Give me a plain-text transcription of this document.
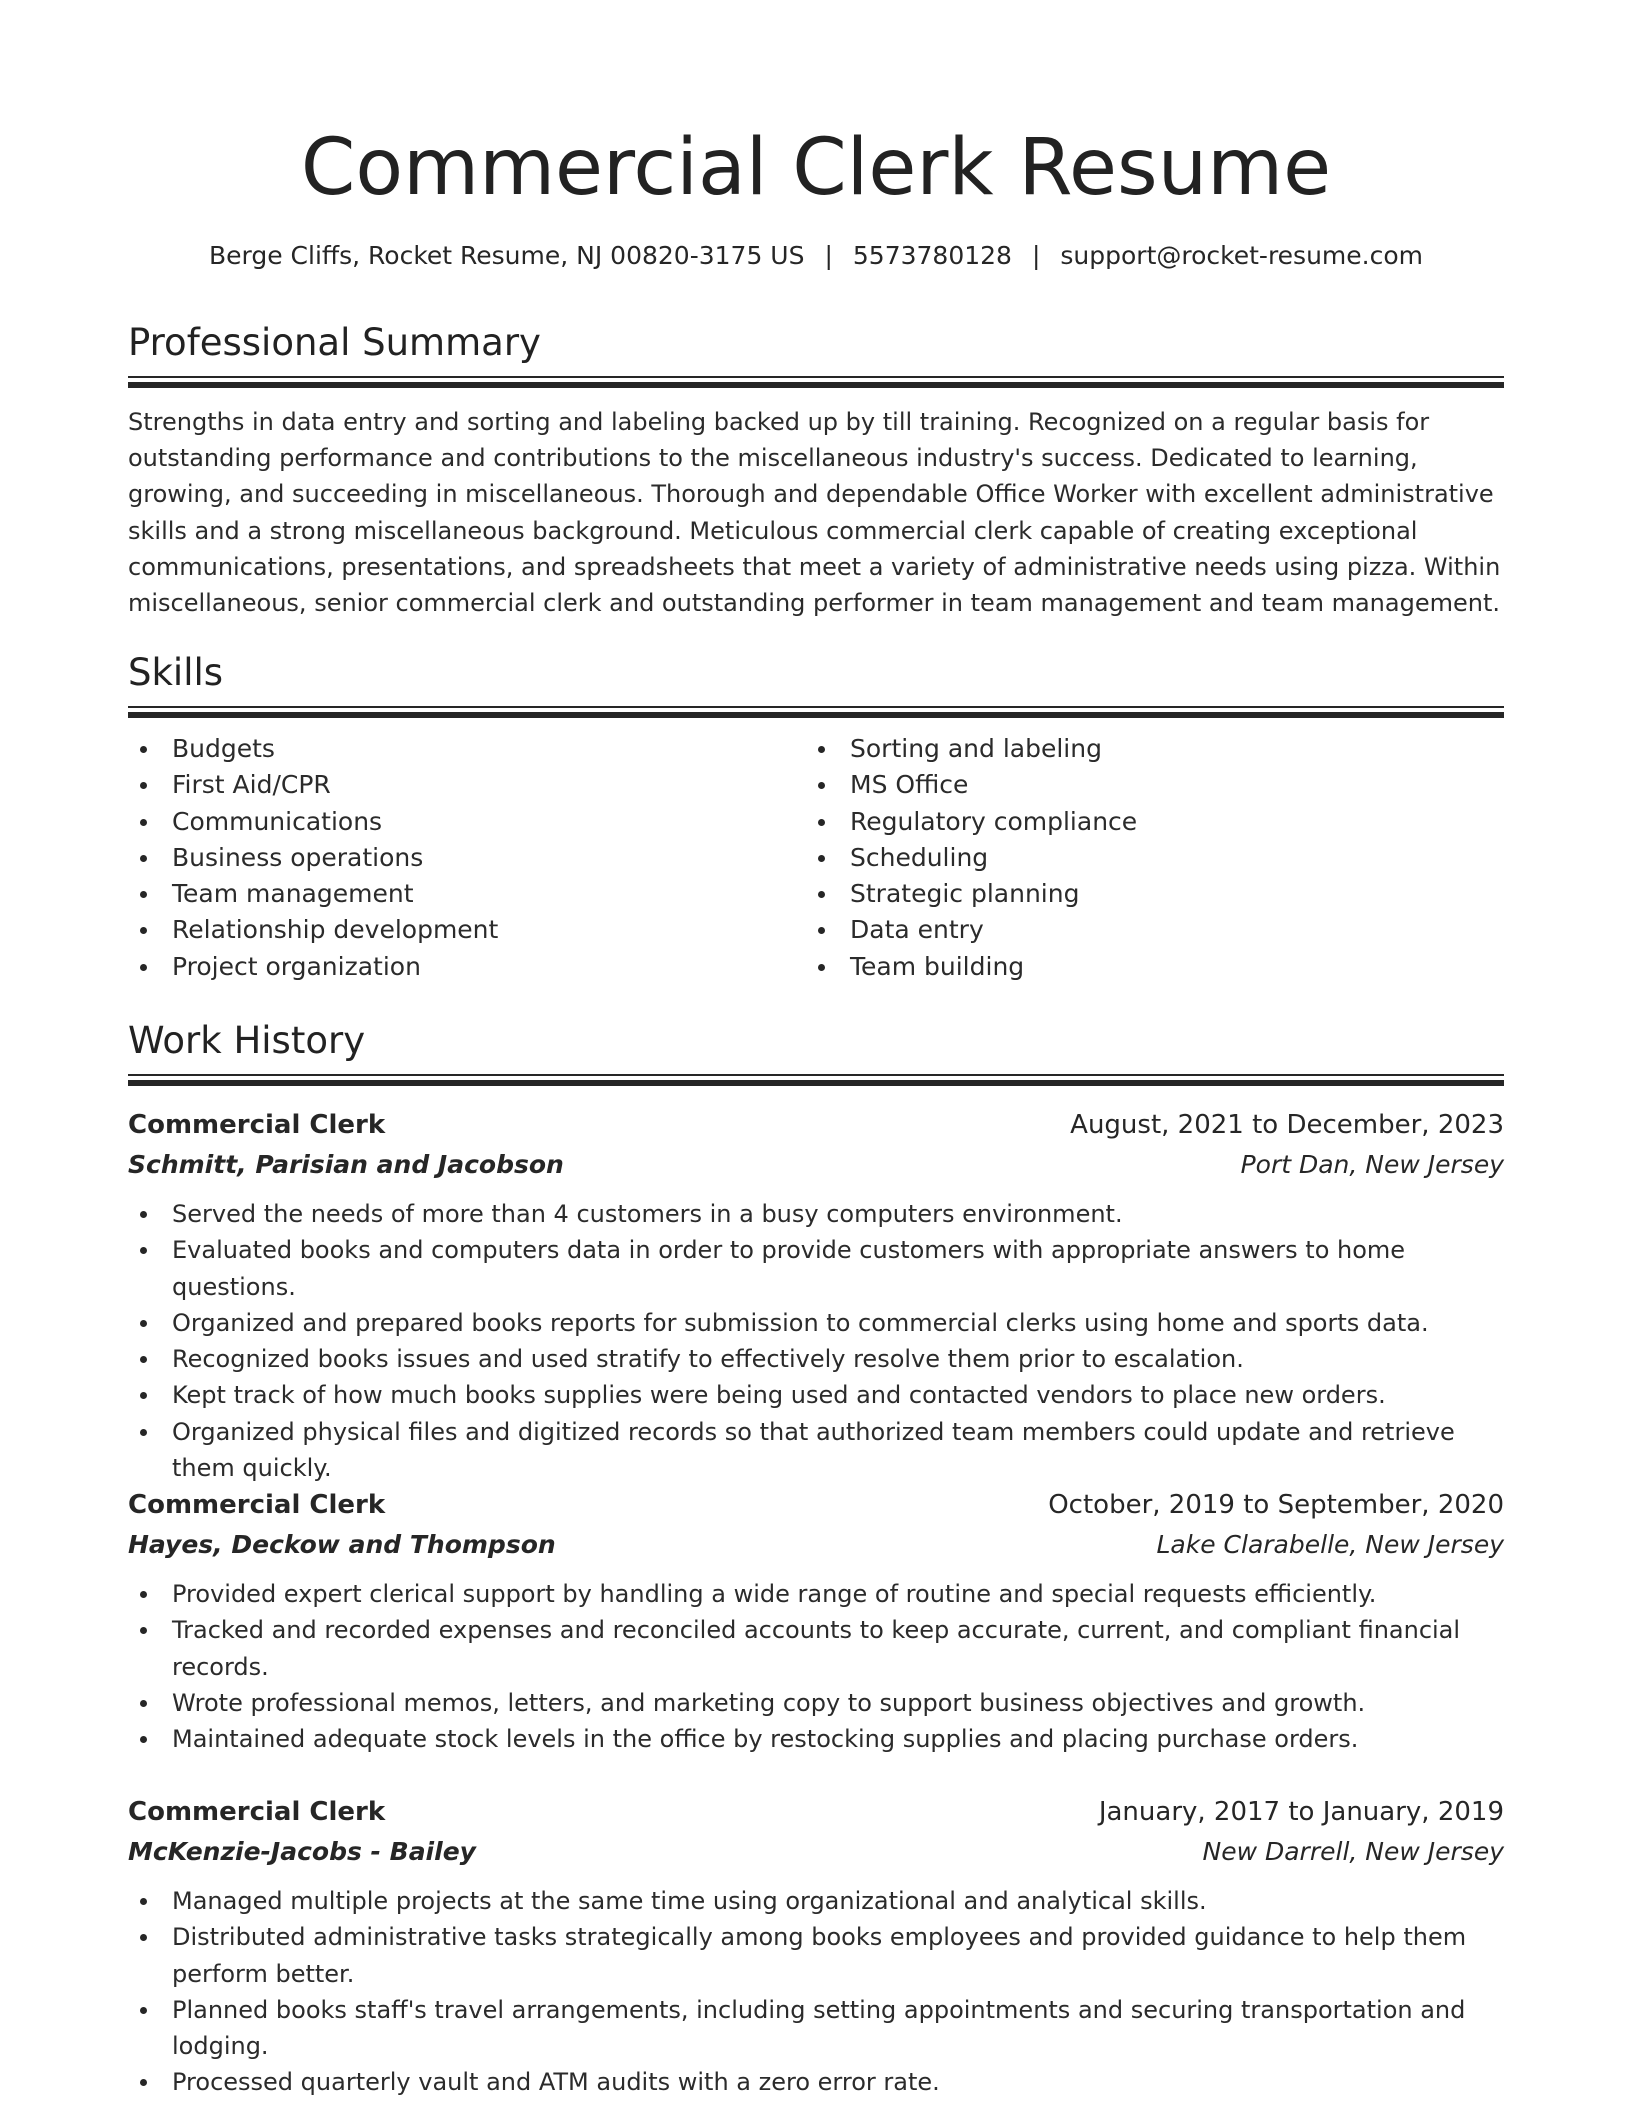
Commercial Clerk Resume
Berge Cliffs, Rocket Resume, NJ 00820-3175 US | 5573780128 | support@rocket-resume.com
Professional Summary

Strengths in data entry and sorting and labeling backed up by till training. Recognized on a regular basis for outstanding performance and contributions to the miscellaneous industry's success. Dedicated to learning, growing, and succeeding in miscellaneous. Thorough and dependable Office Worker with excellent administrative skills and a strong miscellaneous background. Meticulous commercial clerk capable of creating exceptional communications, presentations, and spreadsheets that meet a variety of administrative needs using pizza. Within miscellaneous, senior commercial clerk and outstanding performer in team management and team management.

Skills
Budgets
First Aid/CPR
Communications
Business operations
Team management
Relationship development
Project organization
Sorting and labeling
MS Office
Regulatory compliance
Scheduling
Strategic planning
Data entry
Team building
Work History
Commercial Clerk	August, 2021 to December, 2023
Schmitt, Parisian and Jacobson	Port Dan, New Jersey
Served the needs of more than 4 customers in a busy computers environment.
Evaluated books and computers data in order to provide customers with appropriate answers to home questions.
Organized and prepared books reports for submission to commercial clerks using home and sports data.
Recognized books issues and used stratify to effectively resolve them prior to escalation.
Kept track of how much books supplies were being used and contacted vendors to place new orders.
Organized physical files and digitized records so that authorized team members could update and retrieve them quickly.
Commercial Clerk	October, 2019 to September, 2020
Hayes, Deckow and Thompson	Lake Clarabelle, New Jersey
Provided expert clerical support by handling a wide range of routine and special requests efficiently.
Tracked and recorded expenses and reconciled accounts to keep accurate, current, and compliant financial records.
Wrote professional memos, letters, and marketing copy to support business objectives and growth.
Maintained adequate stock levels in the office by restocking supplies and placing purchase orders.
Commercial Clerk	January, 2017 to January, 2019
McKenzie-Jacobs - Bailey	New Darrell, New Jersey
Managed multiple projects at the same time using organizational and analytical skills.
Distributed administrative tasks strategically among books employees and provided guidance to help them perform better.
Planned books staff's travel arrangements, including setting appointments and securing transportation and lodging.
Processed quarterly vault and ATM audits with a zero error rate.
